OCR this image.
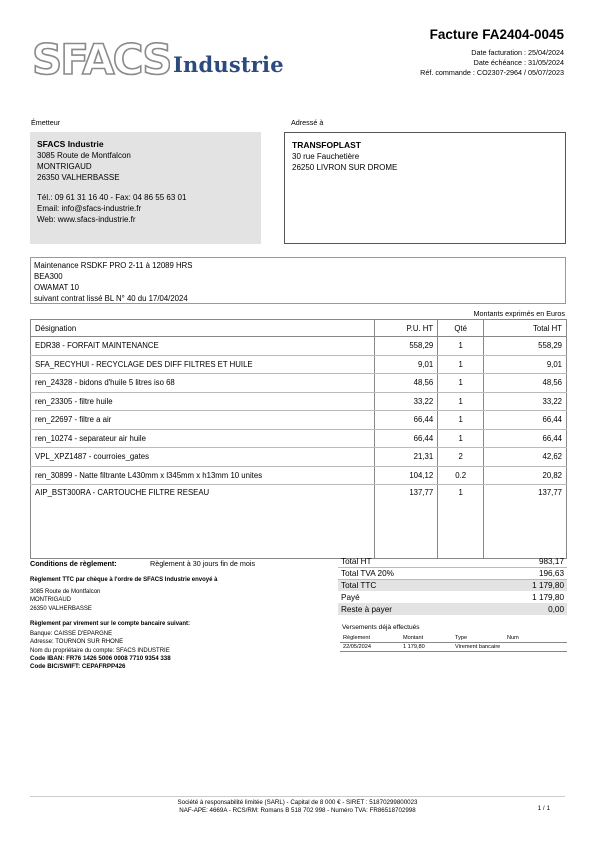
SFACS Industrie
Facture FA2404-0045
Date facturation : 25/04/2024
Date échéance : 31/05/2024
Réf. commande : CO2307-2964 / 05/07/2023
Émetteur
SFACS Industrie
3085 Route de Montfalcon
MONTRIGAUD
26350 VALHERBASSE
Tél.: 09 61 31 16 40 - Fax: 04 86 55 63 01
Email: info@sfacs-industrie.fr
Web: www.sfacs-industrie.fr
Adressé à
TRANSFOPLAST
30 rue Fauchetière
26250 LIVRON SUR DROME
Maintenance RSDKF PRO 2-11 à 12089 HRS
BEA300
OWAMAT 10
suivant contrat lissé BL N° 40 du 17/04/2024
Montants exprimés en Euros
Désignation	P.U. HT	Qté	Total HT
EDR38 - FORFAIT MAINTENANCE	558,29	1	558,29
SFA_RECYHUI - RECYCLAGE DES DIFF FILTRES ET HUILE	9,01	1	9,01
ren_24328 - bidons d'huile 5 litres iso 68	48,56	1	48,56
ren_23305 - filtre huile	33,22	1	33,22
ren_22697 - filtre a air	66,44	1	66,44
ren_10274 - separateur air huile	66,44	1	66,44
VPL_XPZ1487 - courroies_gates	21,31	2	42,62
ren_30899 - Natte filtrante L430mm x l345mm x h13mm 10 unites	104,12	0.2	20,82
AIP_BST300RA - CARTOUCHE FILTRE RESEAU	137,77	1	137,77
Conditions de règlement:	Règlement à 30 jours fin de mois
Règlement TTC par chèque à l'ordre de SFACS Industrie envoyé à
3085 Route de Montfalcon
MONTRIGAUD
26350 VALHERBASSE
Règlement par virement sur le compte bancaire suivant:
Banque: CAISSE D'EPARGNE
Adresse: TOURNON SUR RHONE
Nom du propriétaire du compte: SFACS INDUSTRIE
Code IBAN: FR76 1426 5006 0008 7710 9354 338
Code BIC/SWIFT: CEPAFRPP426
Total HT	983,17
Total TVA 20%	196,63
Total TTC	1 179,80
Payé	1 179,80
Reste à payer	0,00
Versements déjà effectués
Règlement	Montant	Type	Num
22/05/2024	1 179,80	Virement bancaire	
Société à responsabilité limitée (SARL) - Capital de 8 000 € - SIRET : 51870299800023
NAF-APE: 4669A - RCS/RM: Romans B 518 702 998 - Numéro TVA: FR86518702998	1 / 1
